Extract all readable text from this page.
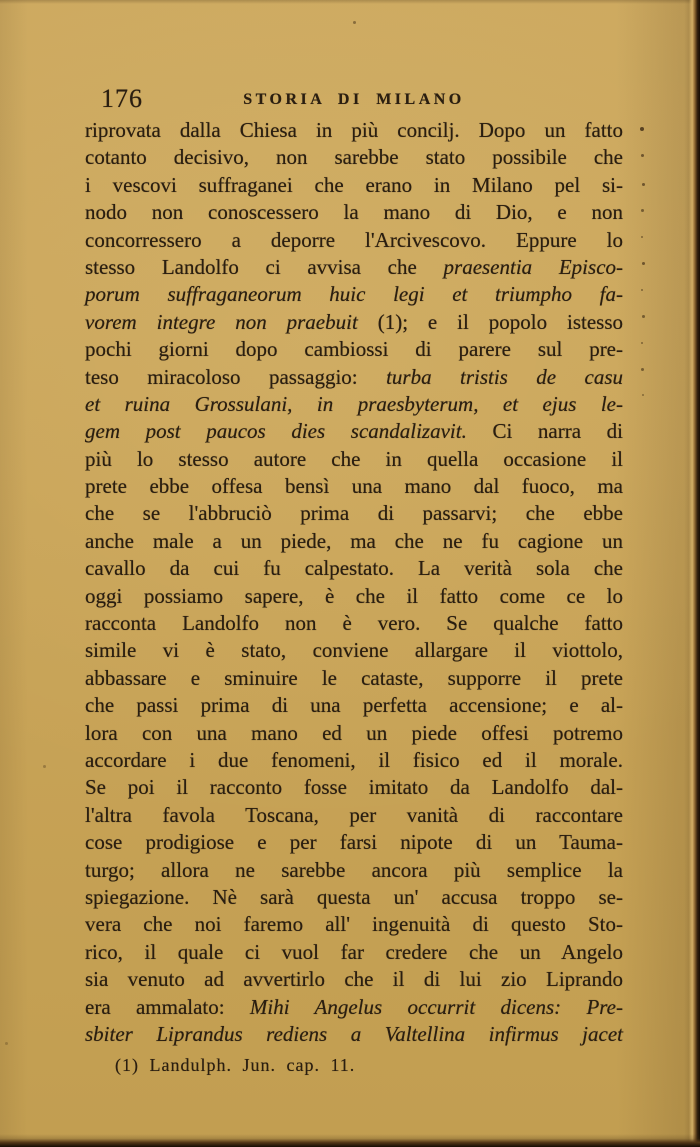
176	STORIA DI MILANO
riprovata dalla Chiesa in più concilj. Dopo un fatto
cotanto decisivo, non sarebbe stato possibile che
i vescovi suffraganei che erano in Milano pel si-
nodo non conoscessero la mano di Dio, e non
concorressero a deporre l'Arcivescovo. Eppure lo
stesso Landolfo ci avvisa che praesentia Episco-
porum suffraganeorum huic legi et triumpho fa-
vorem integre non praebuit (1); e il popolo istesso
pochi giorni dopo cambiossi di parere sul pre-
teso miracoloso passaggio: turba tristis de casu
et ruina Grossulani, in praesbyterum, et ejus le-
gem post paucos dies scandalizavit. Ci narra di
più lo stesso autore che in quella occasione il
prete ebbe offesa bensì una mano dal fuoco, ma
che se l'abbruciò prima di passarvi; che ebbe
anche male a un piede, ma che ne fu cagione un
cavallo da cui fu calpestato. La verità sola che
oggi possiamo sapere, è che il fatto come ce lo
racconta Landolfo non è vero. Se qualche fatto
simile vi è stato, conviene allargare il viottolo,
abbassare e sminuire le cataste, supporre il prete
che passi prima di una perfetta accensione; e al-
lora con una mano ed un piede offesi potremo
accordare i due fenomeni, il fisico ed il morale.
Se poi il racconto fosse imitato da Landolfo dal-
l'altra favola Toscana, per vanità di raccontare
cose prodigiose e per farsi nipote di un Tauma-
turgo; allora ne sarebbe ancora più semplice la
spiegazione. Nè sarà questa un' accusa troppo se-
vera che noi faremo all' ingenuità di questo Sto-
rico, il quale ci vuol far credere che un Angelo
sia venuto ad avvertirlo che il di lui zio Liprando
era ammalato: Mihi Angelus occurrit dicens: Pre-
sbiter Liprandus rediens a Valtellina infirmus jacet
(1) Landulph. Jun. cap. 11.
